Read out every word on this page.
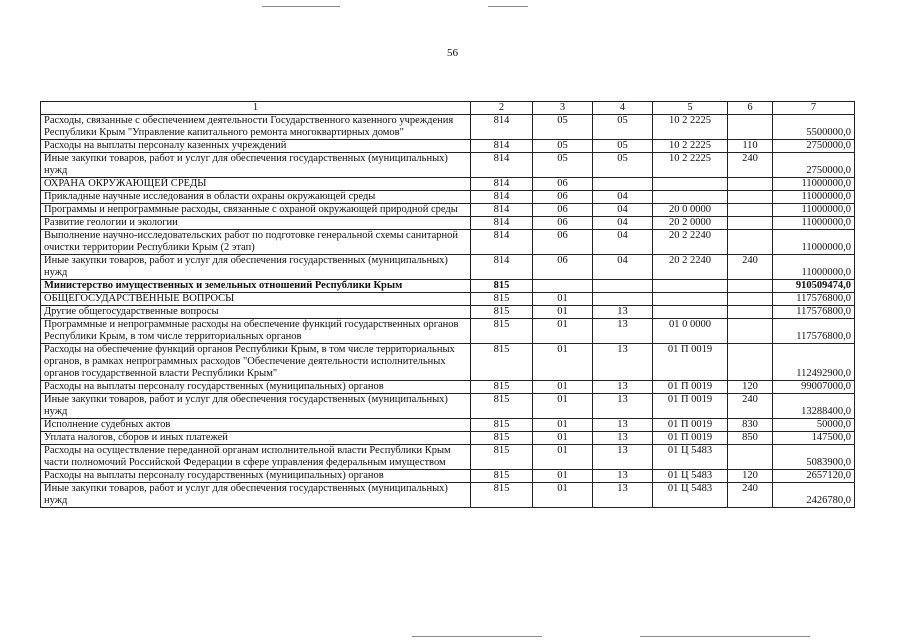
56
1	2	3	4	5	6	7
Расходы, связанные с обеспечением деятельности Государственного казенного учреждения Республики Крым "Управление капитального ремонта многоквартирных домов"	814	05	05	10 2 2225		5500000,0
Расходы на выплаты персоналу казенных учреждений	814	05	05	10 2 2225	110	2750000,0
Иные закупки товаров, работ и услуг для обеспечения государственных (муниципальных) нужд	814	05	05	10 2 2225	240	2750000,0
ОХРАНА ОКРУЖАЮЩЕЙ СРЕДЫ	814	06				11000000,0
Прикладные научные исследования в области охраны окружающей среды	814	06	04			11000000,0
Программы и непрограммные расходы, связанные с охраной окружающей природной среды	814	06	04	20 0 0000		11000000,0
Развитие геологии и экологии	814	06	04	20 2 0000		11000000,0
Выполнение научно-исследовательских работ по подготовке генеральной схемы санитарной очистки территории Республики Крым (2 этап)	814	06	04	20 2 2240		11000000,0
Иные закупки товаров, работ и услуг для обеспечения государственных (муниципальных) нужд	814	06	04	20 2 2240	240	11000000,0
Министерство имущественных и земельных отношений Республики Крым	815					910509474,0
ОБЩЕГОСУДАРСТВЕННЫЕ ВОПРОСЫ	815	01				117576800,0
Другие общегосударственные вопросы	815	01	13			117576800,0
Программные и непрограммные расходы на обеспечение функций государственных органов Республики Крым, в том числе территориальных органов	815	01	13	01 0 0000		117576800,0
Расходы на обеспечение функций органов Республики Крым, в том числе территориальных органов, в рамках непрограммных расходов "Обеспечение деятельности исполнительных органов государственной власти Республики Крым"	815	01	13	01 П 0019		112492900,0
Расходы на выплаты персоналу государственных (муниципальных) органов	815	01	13	01 П 0019	120	99007000,0
Иные закупки товаров, работ и услуг для обеспечения государственных (муниципальных) нужд	815	01	13	01 П 0019	240	13288400,0
Исполнение судебных актов	815	01	13	01 П 0019	830	50000,0
Уплата налогов, сборов и иных платежей	815	01	13	01 П 0019	850	147500,0
Расходы на осуществление переданной органам исполнительной власти Республики Крым части полномочий Российской Федерации в сфере управления федеральным имуществом	815	01	13	01 Ц 5483		5083900,0
Расходы на выплаты персоналу государственных (муниципальных) органов	815	01	13	01 Ц 5483	120	2657120,0
Иные закупки товаров, работ и услуг для обеспечения государственных (муниципальных) нужд	815	01	13	01 Ц 5483	240	2426780,0
